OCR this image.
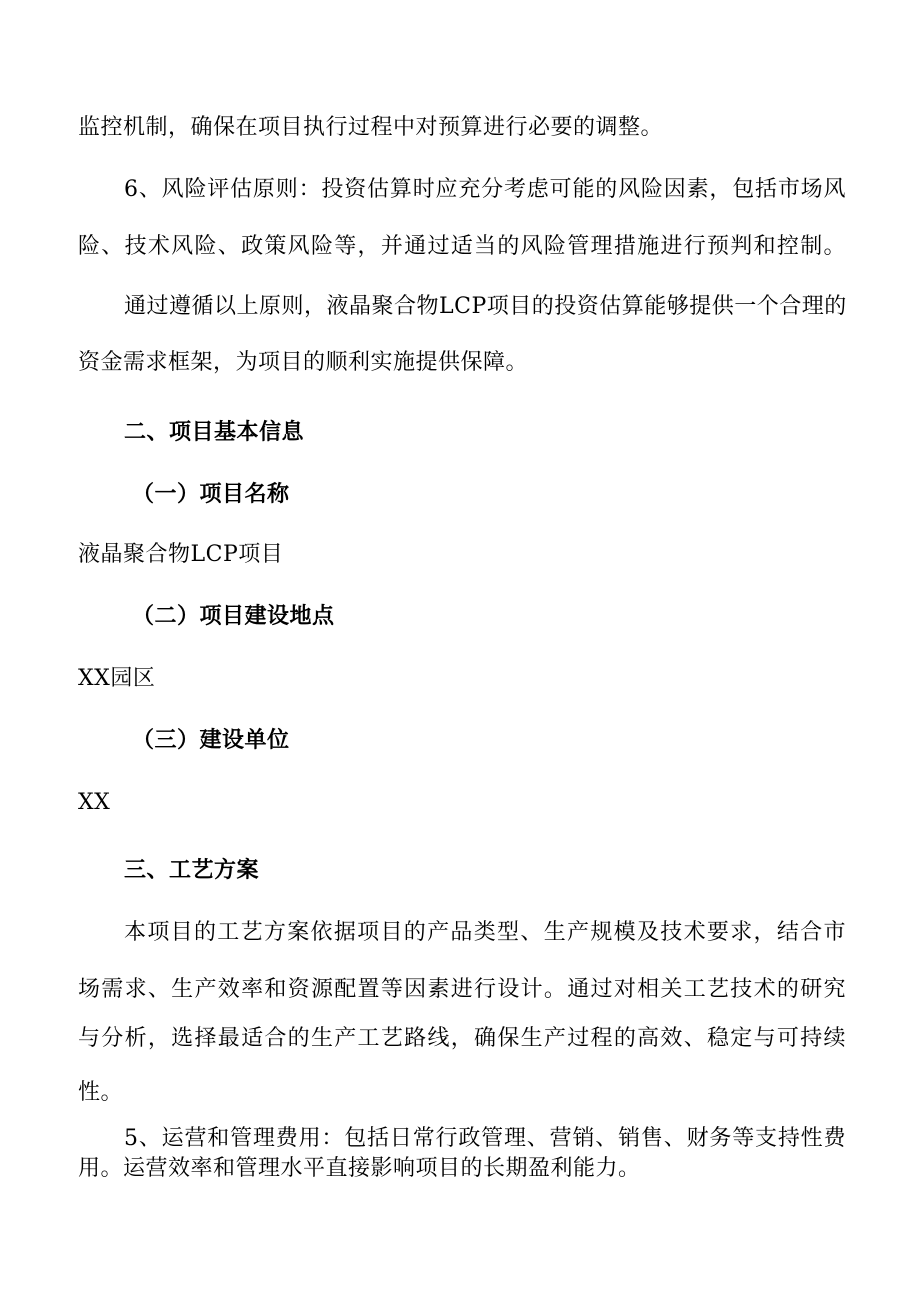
监控机制，确保在项目执行过程中对预算进行必要的调整。
6、风险评估原则：投资估算时应充分考虑可能的风险因素，包括市场风
险、技术风险、政策风险等，并通过适当的风险管理措施进行预判和控制。
通过遵循以上原则，液晶聚合物LCP项目的投资估算能够提供一个合理的
资金需求框架，为项目的顺利实施提供保障。
二、项目基本信息
（一）项目名称
液晶聚合物LCP项目
（二）项目建设地点
XX园区
（三）建设单位
XX
三、工艺方案
本项目的工艺方案依据项目的产品类型、生产规模及技术要求，结合市
场需求、生产效率和资源配置等因素进行设计。通过对相关工艺技术的研究
与分析，选择最适合的生产工艺路线，确保生产过程的高效、稳定与可持续
性。
5、运营和管理费用：包括日常行政管理、营销、销售、财务等支持性费
用。运营效率和管理水平直接影响项目的长期盈利能力。
